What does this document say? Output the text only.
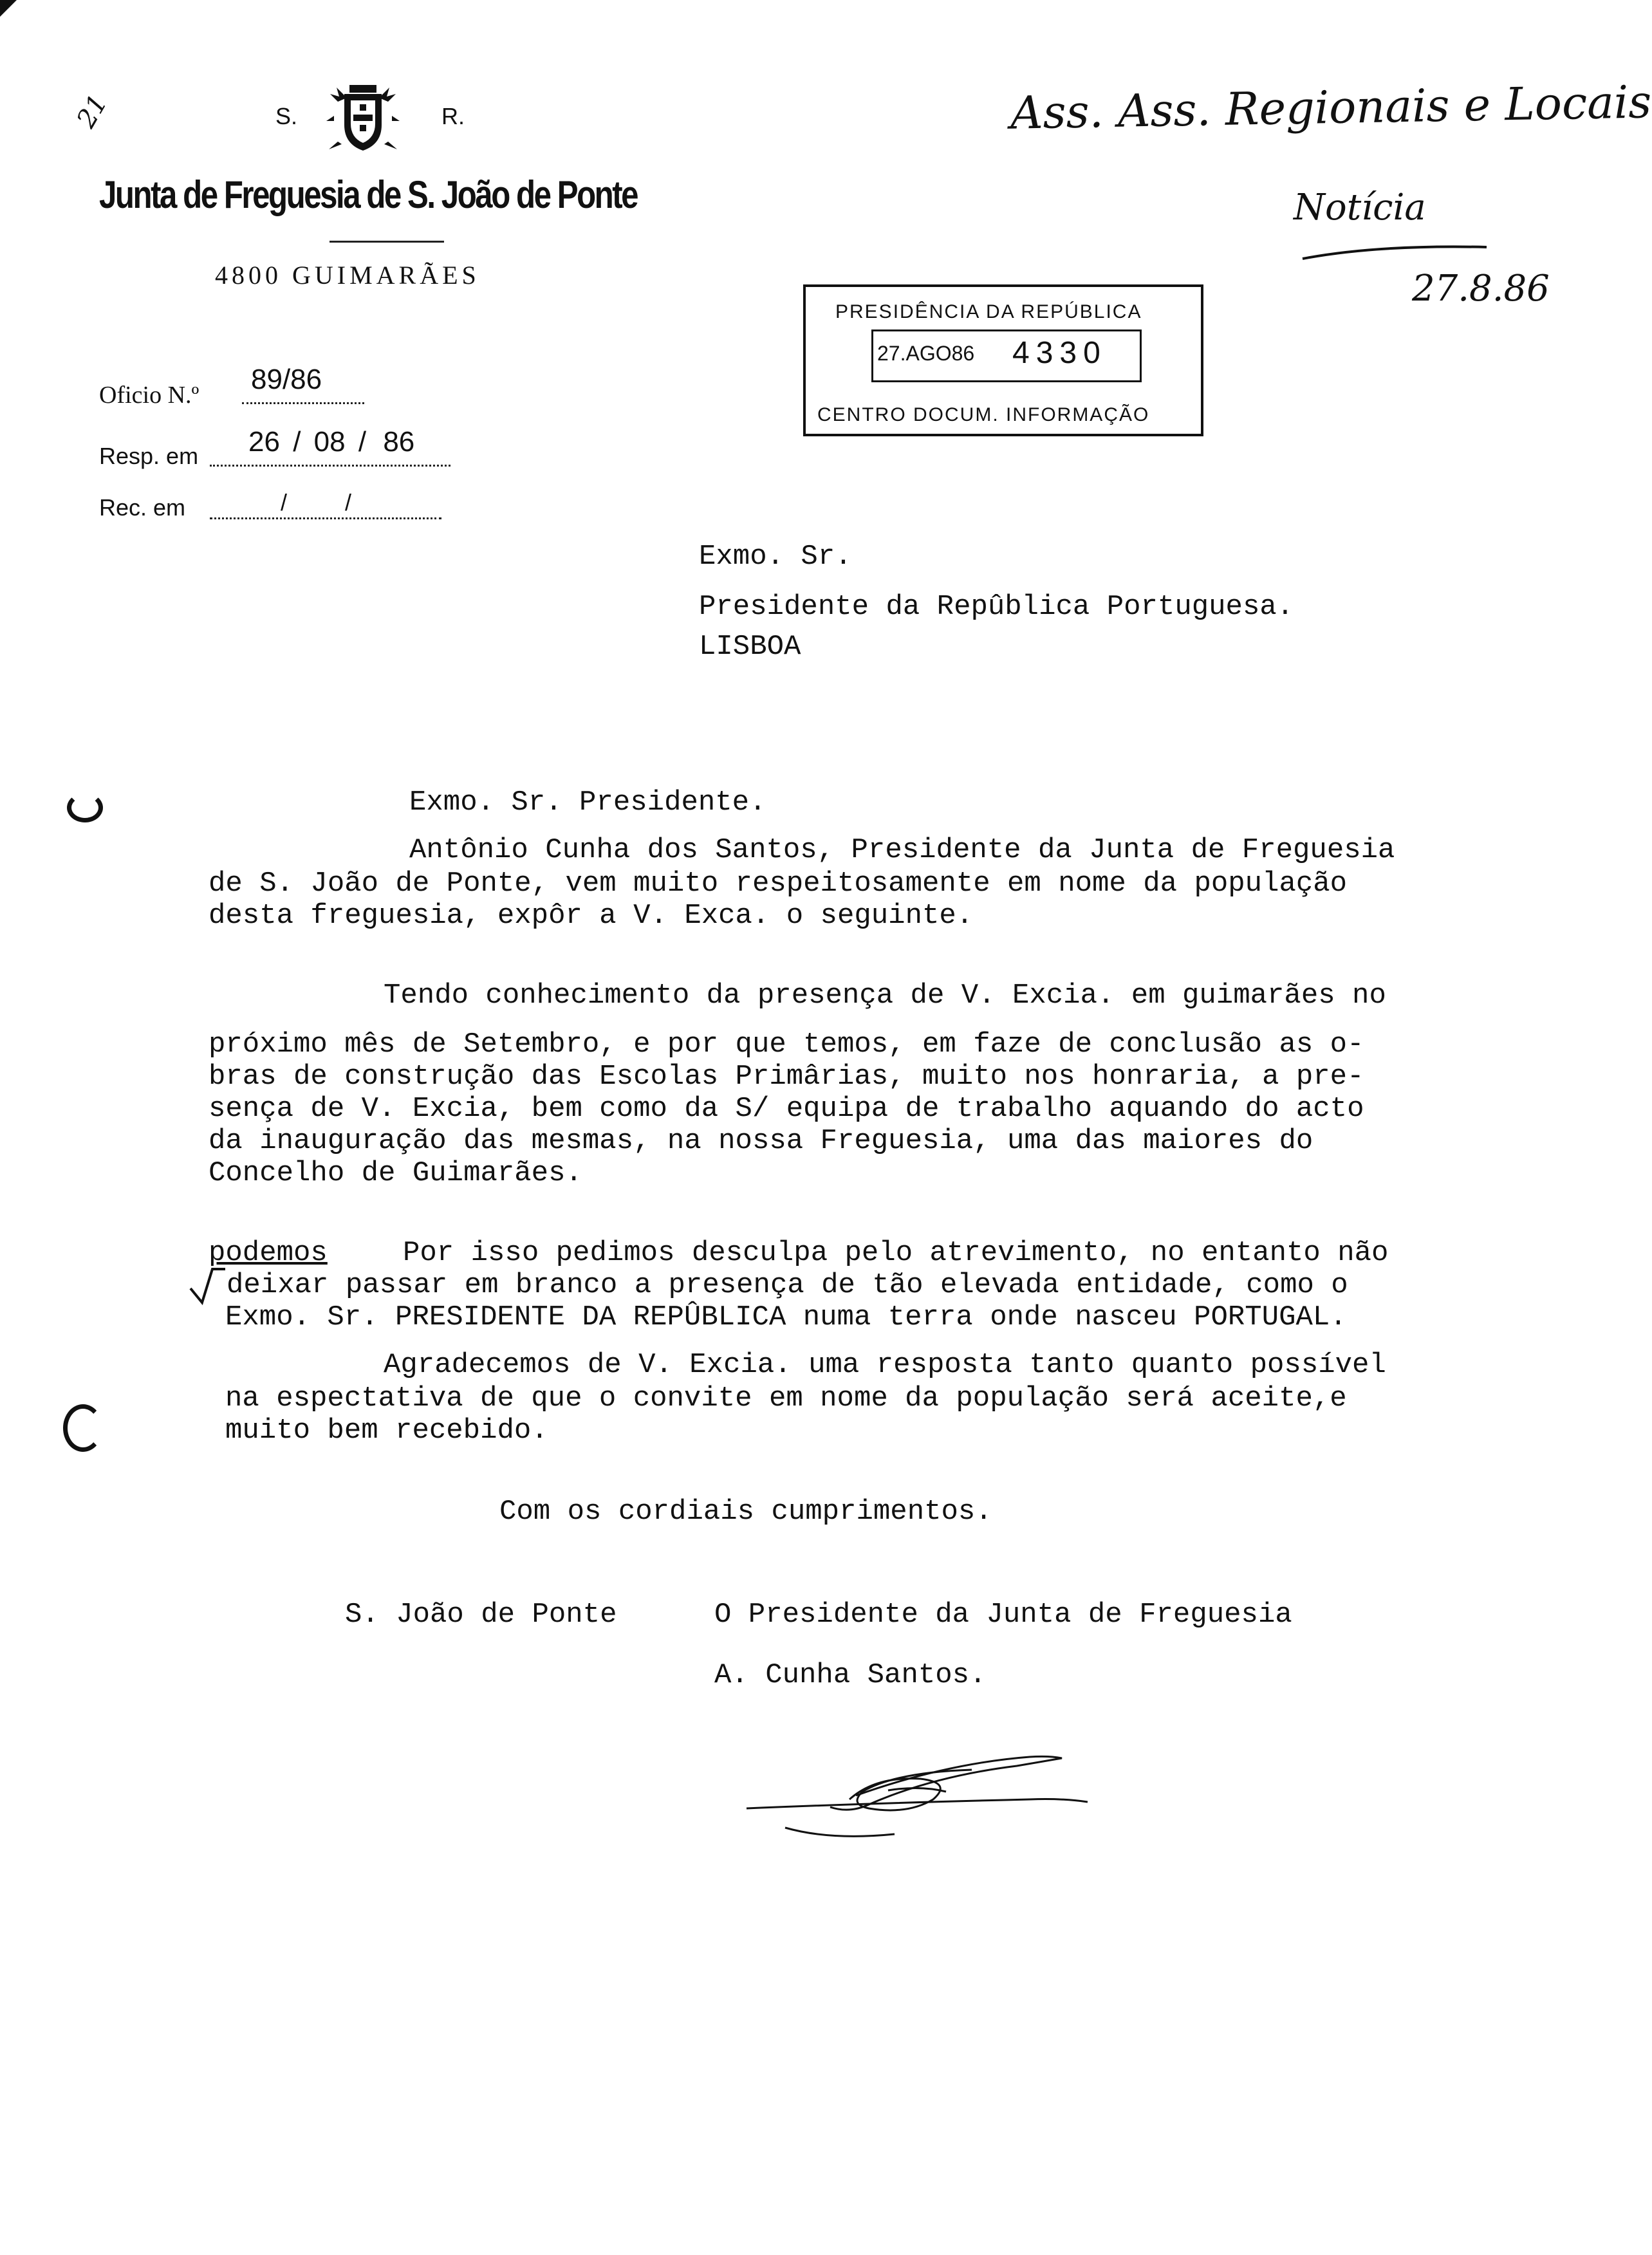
21	S.	R.
Junta de Freguesia de S. João de Ponte
4800 GUIMARÃES
Oficio N.º	89/86
Resp. em	26 / 08 / 86
Rec. em	/ /
PRESIDÊNCIA DA REPÚBLICA
27.AGO86 4330
CENTRO DOCUM. INFORMAÇÃO
Ass. Ass. Regionais e Locais
Notícia
27.8.86
Exmo. Sr.
Presidente da Repûblica Portuguesa.
LISBOA
Exmo. Sr. Presidente.
Antônio Cunha dos Santos, Presidente da Junta de Freguesia
de S. João de Ponte, vem muito respeitosamente em nome da população
desta freguesia, expôr a V. Exca. o seguinte.
Tendo conhecimento da presença de V. Excia. em guimarães no
próximo mês de Setembro, e por que temos, em faze de conclusão as o-
bras de construção das Escolas Primârias, muito nos honraria, a pre-
sença de V. Excia, bem como da S/ equipa de trabalho aquando do acto
da inauguração das mesmas, na nossa Freguesia, uma das maiores do
Concelho de Guimarães.
podemos	Por isso pedimos desculpa pelo atrevimento, no entanto não
deixar passar em branco a presença de tão elevada entidade, como o
Exmo. Sr. PRESIDENTE DA REPÛBLICA numa terra onde nasceu PORTUGAL.
Agradecemos de V. Excia. uma resposta tanto quanto possível
na espectativa de que o convite em nome da população será aceite,e
muito bem recebido.
Com os cordiais cumprimentos.
S. João de Ponte	O Presidente da Junta de Freguesia
A. Cunha Santos.
